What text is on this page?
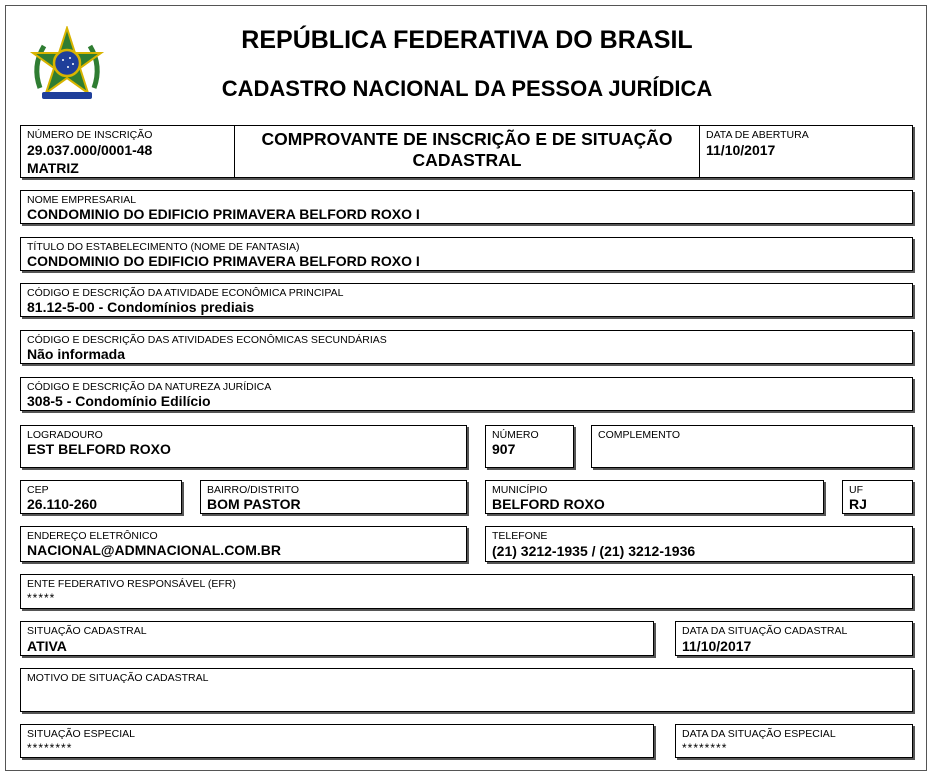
REPÚBLICA FEDERATIVA DO BRASIL
CADASTRO NACIONAL DA PESSOA JURÍDICA
NÚMERO DE INSCRIÇÃO
29.037.000/0001-48
MATRIZ
COMPROVANTE DE INSCRIÇÃO E DE SITUAÇÃO
CADASTRAL
DATA DE ABERTURA
11/10/2017
NOME EMPRESARIAL
CONDOMINIO DO EDIFICIO PRIMAVERA BELFORD ROXO I
TÍTULO DO ESTABELECIMENTO (NOME DE FANTASIA)
CONDOMINIO DO EDIFICIO PRIMAVERA BELFORD ROXO I
CÓDIGO E DESCRIÇÃO DA ATIVIDADE ECONÔMICA PRINCIPAL
81.12-5-00 - Condomínios prediais
CÓDIGO E DESCRIÇÃO DAS ATIVIDADES ECONÔMICAS SECUNDÁRIAS
Não informada
CÓDIGO E DESCRIÇÃO DA NATUREZA JURÍDICA
308-5 - Condomínio Edilício
LOGRADOURO
EST BELFORD ROXO
NÚMERO
907
COMPLEMENTO
CEP
26.110-260
BAIRRO/DISTRITO
BOM PASTOR
MUNICÍPIO
BELFORD ROXO
UF
RJ
ENDEREÇO ELETRÔNICO
NACIONAL@ADMNACIONAL.COM.BR
TELEFONE
(21) 3212-1935 / (21) 3212-1936
ENTE FEDERATIVO RESPONSÁVEL (EFR)
*****
SITUAÇÃO CADASTRAL
ATIVA
DATA DA SITUAÇÃO CADASTRAL
11/10/2017
MOTIVO DE SITUAÇÃO CADASTRAL
SITUAÇÃO ESPECIAL
********
DATA DA SITUAÇÃO ESPECIAL
********
